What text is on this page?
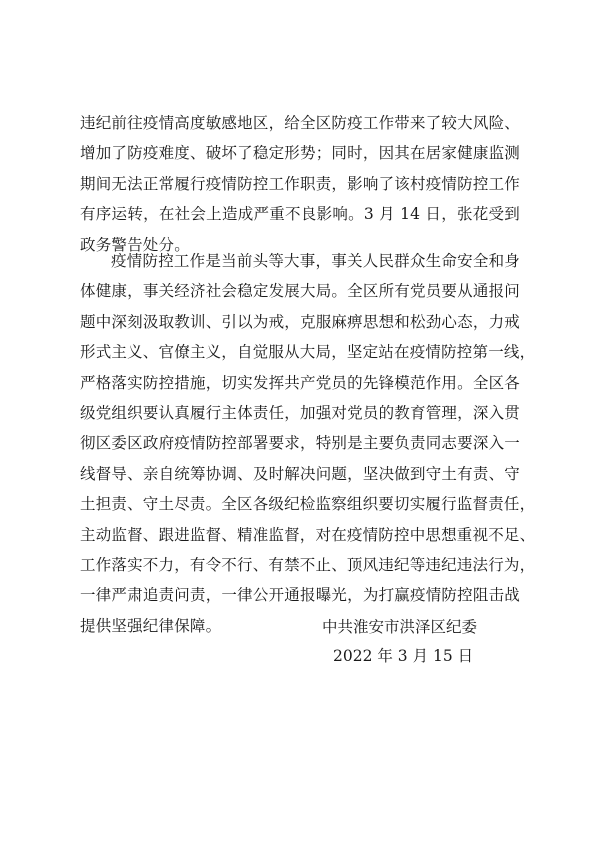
违纪前往疫情高度敏感地区，给全区防疫工作带来了较大风险、
增加了防疫难度、破坏了稳定形势；同时，因其在居家健康监测
期间无法正常履行疫情防控工作职责，影响了该村疫情防控工作
有序运转，在社会上造成严重不良影响。3 月 14 日，张花受到
政务警告处分。
疫情防控工作是当前头等大事，事关人民群众生命安全和身
体健康，事关经济社会稳定发展大局。全区所有党员要从通报问
题中深刻汲取教训、引以为戒，克服麻痹思想和松劲心态，力戒
形式主义、官僚主义，自觉服从大局，坚定站在疫情防控第一线，
严格落实防控措施，切实发挥共产党员的先锋模范作用。全区各
级党组织要认真履行主体责任，加强对党员的教育管理，深入贯
彻区委区政府疫情防控部署要求，特别是主要负责同志要深入一
线督导、亲自统筹协调、及时解决问题，坚决做到守土有责、守
土担责、守土尽责。全区各级纪检监察组织要切实履行监督责任，
主动监督、跟进监督、精准监督，对在疫情防控中思想重视不足、
工作落实不力，有令不行、有禁不止、顶风违纪等违纪违法行为，
一律严肃追责问责，一律公开通报曝光，为打赢疫情防控阻击战
提供坚强纪律保障。	中共淮安市洪泽区纪委
2022 年 3 月 15 日
